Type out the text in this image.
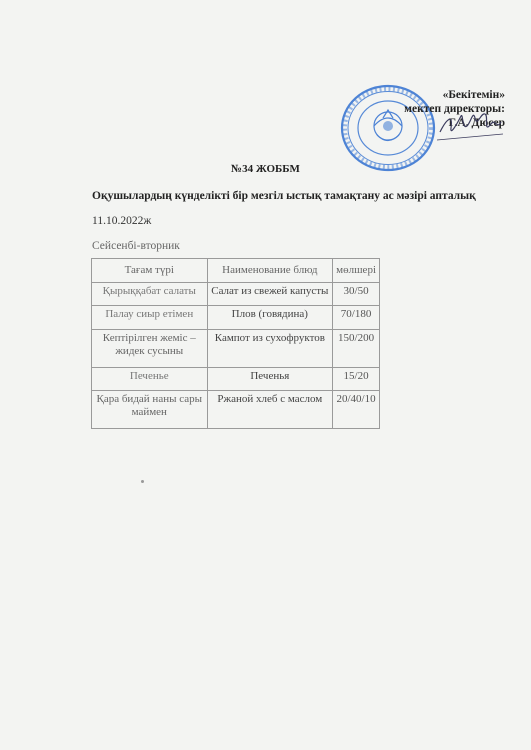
«Бекітемін»
мектеп директоры:
Г.А. Дюсер
№34 ЖОББМ
Оқушылардың күнделікті бір мезгіл ыстық тамақтану ас мәзірі апталық
11.10.2022ж
Сейсенбі-вторник
Тағам түрі	Наименование блюд	мөлшері
Қырыққабат салаты	Салат из свежей капусты	30/50
Палау сиыр етімен	Плов (говядина)	70/180
Кептірілген жеміс – жидек сусыны	Кампот из сухофруктов	150/200
Печенье	Печенья	15/20
Қара бидай наны сары маймен	Ржаной хлеб с маслом	20/40/10
